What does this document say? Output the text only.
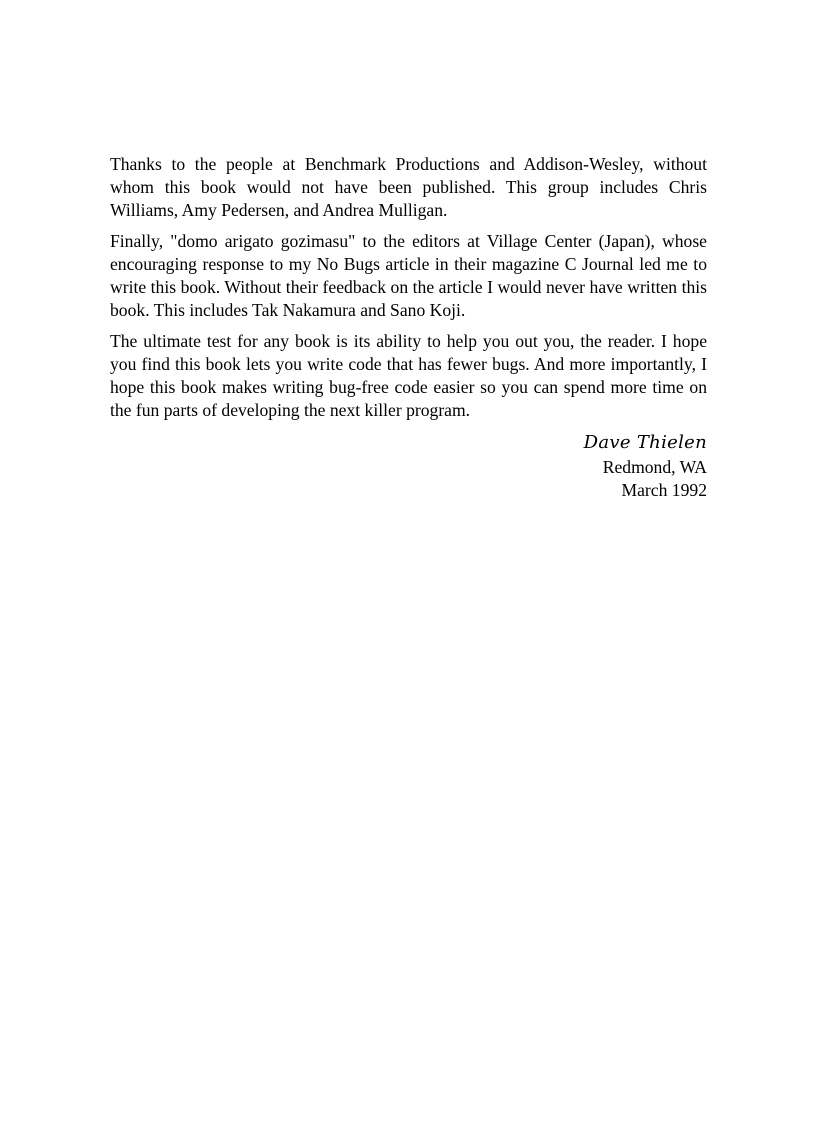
Thanks to the people at Benchmark Productions and Addison-Wesley, without whom this book would not have been published. This group includes Chris Williams, Amy Pedersen, and Andrea Mulligan.

Finally, "domo arigato gozimasu" to the editors at Village Center (Japan), whose encouraging response to my No Bugs article in their magazine C Journal led me to write this book. Without their feedback on the article I would never have written this book. This includes Tak Nakamura and Sano Koji.

The ultimate test for any book is its ability to help you out you, the reader. I hope you find this book lets you write code that has fewer bugs. And more importantly, I hope this book makes writing bug-free code easier so you can spend more time on the fun parts of developing the next killer program.

Dave Thielen
Redmond, WA
March 1992
